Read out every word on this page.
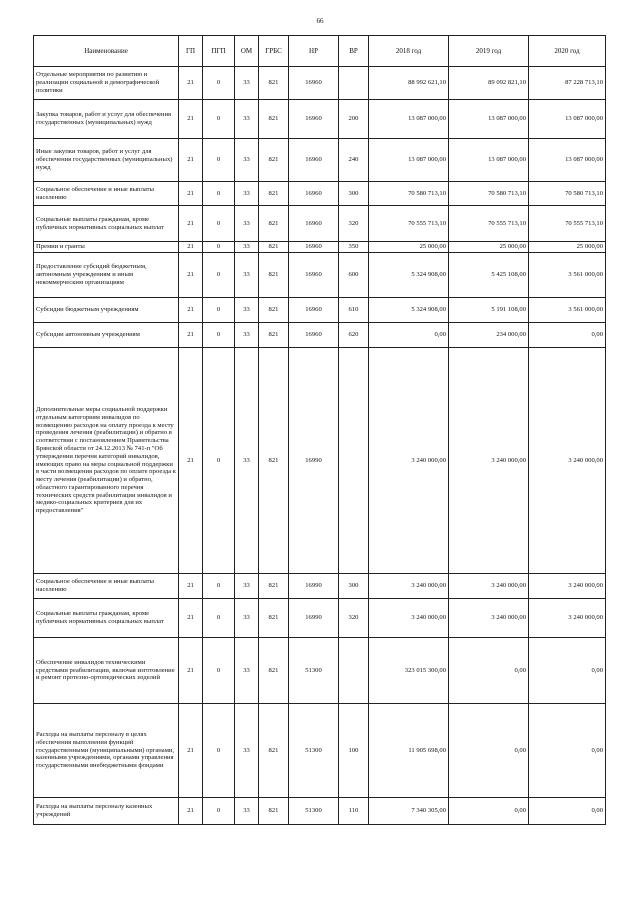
66
Наименование	ГП	ПГП	ОМ	ГРБС	НР	ВР	2018 год	2019 год	2020 год
Отдельные мероприятия по развитию и реализации социальной и демографической политики	21	0	33	821	16960		88 992 621,10	89 092 821,10	87 228 713,10
Закупка товаров, работ и услуг для обеспечения государственных (муниципальных) нужд	21	0	33	821	16960	200	13 087 000,00	13 087 000,00	13 087 000,00
Иные закупки товаров, работ и услуг для обеспечения государственных (муниципальных) нужд	21	0	33	821	16960	240	13 087 000,00	13 087 000,00	13 087 000,00
Социальное обеспечение и иные выплаты населению	21	0	33	821	16960	300	70 580 713,10	70 580 713,10	70 580 713,10
Социальные выплаты гражданам, кроме публичных нормативных социальных выплат	21	0	33	821	16960	320	70 555 713,10	70 555 713,10	70 555 713,10
Премии и гранты	21	0	33	821	16960	350	25 000,00	25 000,00	25 000,00
Предоставление субсидий бюджетным, автономным учреждениям и иным некоммерческим организациям	21	0	33	821	16960	600	5 324 908,00	5 425 108,00	3 561 000,00
Субсидии бюджетным учреждениям	21	0	33	821	16960	610	5 324 908,00	5 191 108,00	3 561 000,00
Субсидии автономным учреждениям	21	0	33	821	16960	620	0,00	234 000,00	0,00
Дополнительные меры социальной поддержки отдельным категориям инвалидов по возмещению расходов на оплату проезда к месту проведения лечения (реабилитации) и обратно в соответствии с постановлением Правительства Брянской области от 24.12.2013 № 741-п "Об утверждении перечня категорий инвалидов, имеющих право на меры социальной поддержки в части возмещения расходов по оплате проезда к месту лечения (реабилитации) и обратно, областного гарантированного перечня технических средств реабилитации инвалидов и медико-социальных критериев для их предоставления"	21	0	33	821	16990		3 240 000,00	3 240 000,00	3 240 000,00
Социальное обеспечение и иные выплаты населению	21	0	33	821	16990	300	3 240 000,00	3 240 000,00	3 240 000,00
Социальные выплаты гражданам, кроме публичных нормативных социальных выплат	21	0	33	821	16990	320	3 240 000,00	3 240 000,00	3 240 000,00
Обеспечение инвалидов техническими средствами реабилитации, включая изготовление и ремонт протезно-ортопедических изделий	21	0	33	821	51300		323 015 300,00	0,00	0,00
Расходы на выплаты персоналу в целях обеспечения выполнения функций государственными (муниципальными) органами, казенными учреждениями, органами управления государственными внебюджетными фондами	21	0	33	821	51300	100	11 905 698,00	0,00	0,00
Расходы на выплаты персоналу казенных учреждений	21	0	33	821	51300	110	7 340 305,00	0,00	0,00
